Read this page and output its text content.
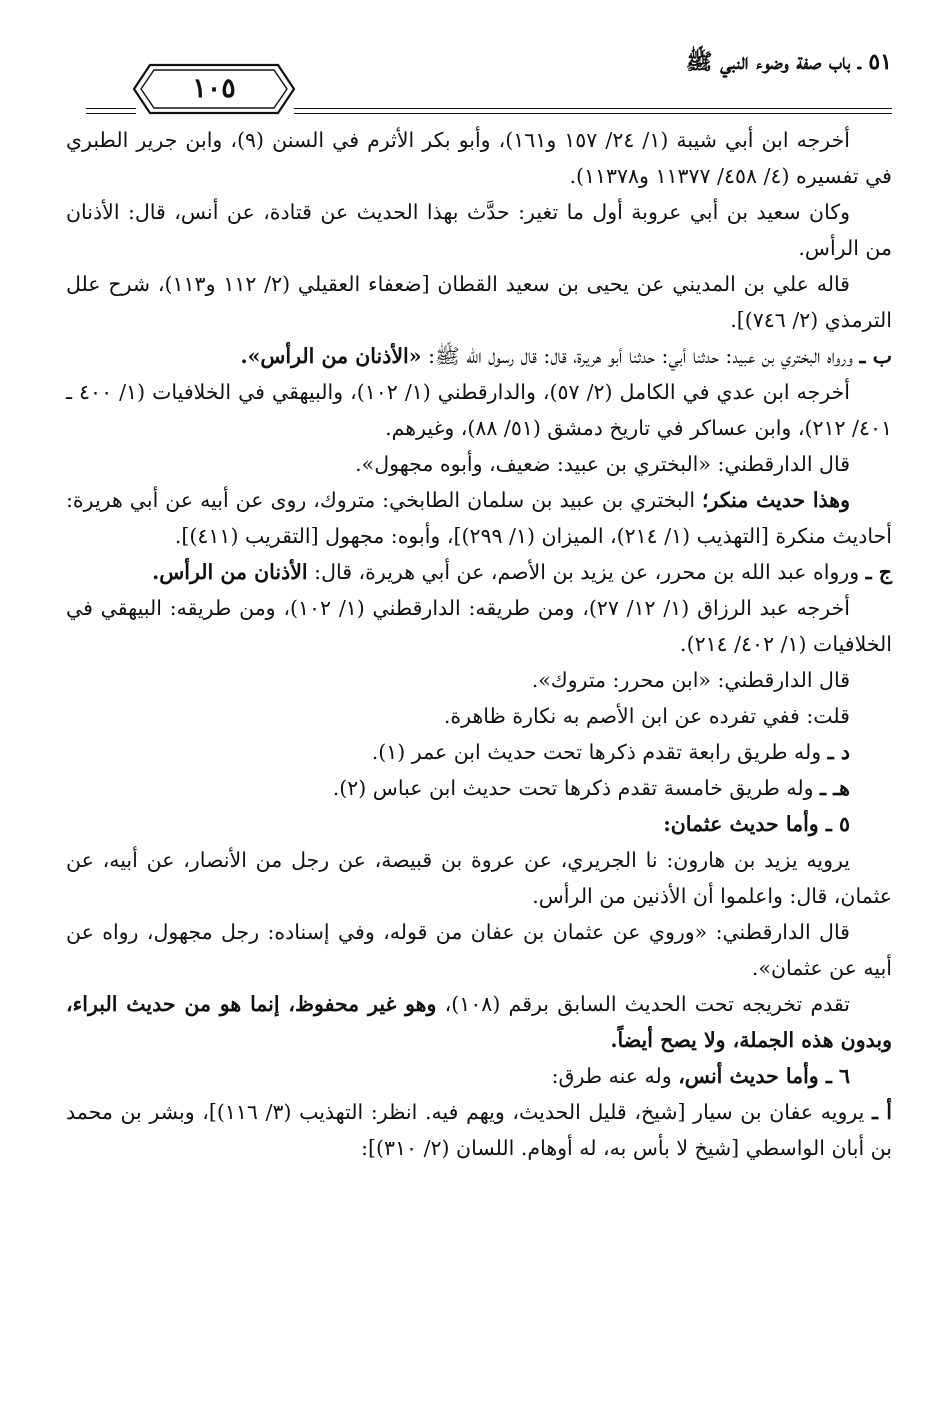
٥١ ـ باب صفة وضوء النبي ﷺ
١٠٥

أخرجه ابن أبي شيبة (١/ ٢٤/ ١٥٧ و١٦١)، وأبو بكر الأثرم في السنن (٩)، وابن جرير الطبري في تفسيره (٤/ ٤٥٨/ ١١٣٧٧ و١١٣٧٨).

وكان سعيد بن أبي عروبة أول ما تغير: حدَّث بهذا الحديث عن قتادة، عن أنس، قال: الأذنان من الرأس.

قاله علي بن المديني عن يحيى بن سعيد القطان [ضعفاء العقيلي (٢/ ١١٢ و١١٣)، شرح علل الترمذي (٢/ ٧٤٦)].

ب ـ ورواه البختري بن عبيد: حدثنا أبي: حدثنا أبو هريرة، قال: قال رسول الله ﷺ: «الأذنان من الرأس».

أخرجه ابن عدي في الكامل (٢/ ٥٧)، والدارقطني (١/ ١٠٢)، والبيهقي في الخلافيات (١/ ٤٠٠ ـ ٤٠١/ ٢١٢)، وابن عساكر في تاريخ دمشق (٥١/ ٨٨)، وغيرهم.

قال الدارقطني: «البختري بن عبيد: ضعيف، وأبوه مجهول».

وهذا حديث منكر؛ البختري بن عبيد بن سلمان الطابخي: متروك، روى عن أبيه عن أبي هريرة: أحاديث منكرة [التهذيب (١/ ٢١٤)، الميزان (١/ ٢٩٩)]، وأبوه: مجهول [التقريب (٤١١)].

ج ـ ورواه عبد الله بن محرر، عن يزيد بن الأصم، عن أبي هريرة، قال: الأذنان من الرأس.

أخرجه عبد الرزاق (١/ ١٢/ ٢٧)، ومن طريقه: الدارقطني (١/ ١٠٢)، ومن طريقه: البيهقي في الخلافيات (١/ ٤٠٢/ ٢١٤).

قال الدارقطني: «ابن محرر: متروك».

قلت: ففي تفرده عن ابن الأصم به نكارة ظاهرة.

د ـ وله طريق رابعة تقدم ذكرها تحت حديث ابن عمر (١).

هـ ـ وله طريق خامسة تقدم ذكرها تحت حديث ابن عباس (٢).

٥ ـ وأما حديث عثمان:

يرويه يزيد بن هارون: نا الجريري، عن عروة بن قبيصة، عن رجل من الأنصار، عن أبيه، عن عثمان، قال: واعلموا أن الأذنين من الرأس.

قال الدارقطني: «وروي عن عثمان بن عفان من قوله، وفي إسناده: رجل مجهول، رواه عن أبيه عن عثمان».

تقدم تخريجه تحت الحديث السابق برقم (١٠٨)، وهو غير محفوظ، إنما هو من حديث البراء، وبدون هذه الجملة، ولا يصح أيضاً.

٦ ـ وأما حديث أنس، وله عنه طرق:

أ ـ يرويه عفان بن سيار [شيخ، قليل الحديث، ويهم فيه. انظر: التهذيب (٣/ ١١٦)]، وبشر بن محمد بن أبان الواسطي [شيخ لا بأس به، له أوهام. اللسان (٢/ ٣١٠)]:
